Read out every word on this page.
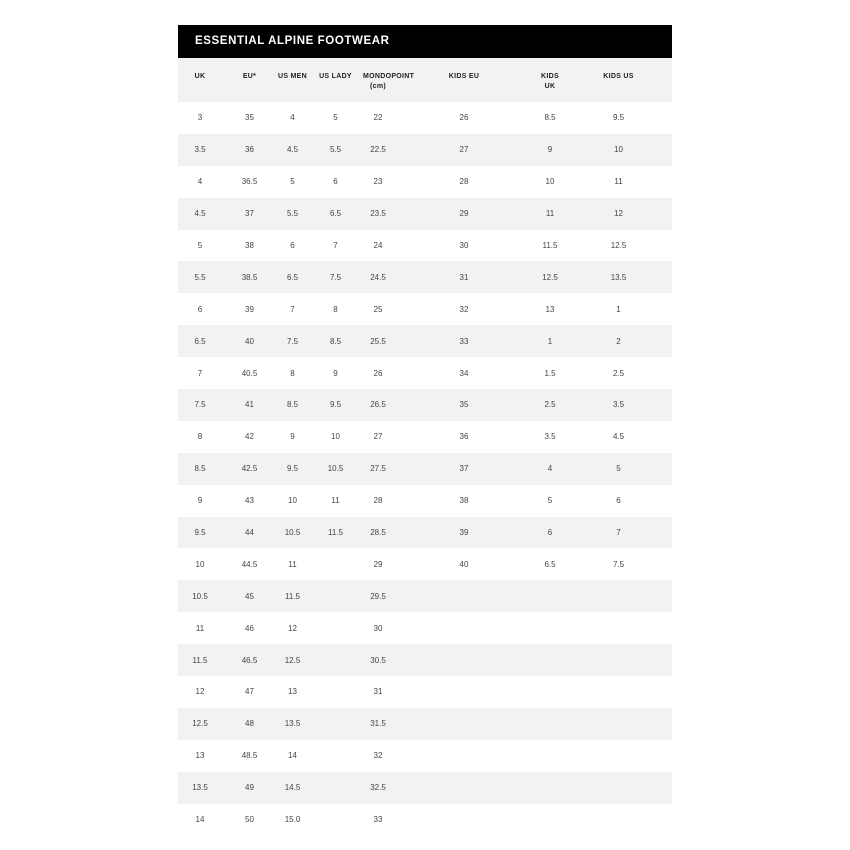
ESSENTIAL ALPINE FOOTWEAR
UK	EU*	US MEN	US LADY	MONDOPOINT (cm)	KIDS EU	KIDS UK	KIDS US
3	35	4	5	22	26	8.5	9.5
3.5	36	4.5	5.5	22.5	27	9	10
4	36.5	5	6	23	28	10	11
4.5	37	5.5	6.5	23.5	29	11	12
5	38	6	7	24	30	11.5	12.5
5.5	38.5	6.5	7.5	24.5	31	12.5	13.5
6	39	7	8	25	32	13	1
6.5	40	7.5	8.5	25.5	33	1	2
7	40.5	8	9	26	34	1.5	2.5
7.5	41	8.5	9.5	26.5	35	2.5	3.5
8	42	9	10	27	36	3.5	4.5
8.5	42.5	9.5	10.5	27.5	37	4	5
9	43	10	11	28	38	5	6
9.5	44	10.5	11.5	28.5	39	6	7
10	44.5	11		29	40	6.5	7.5
10.5	45	11.5		29.5			
11	46	12		30			
11.5	46.5	12.5		30.5			
12	47	13		31			
12.5	48	13.5		31.5			
13	48.5	14		32			
13.5	49	14.5		32.5			
14	50	15.0		33			
